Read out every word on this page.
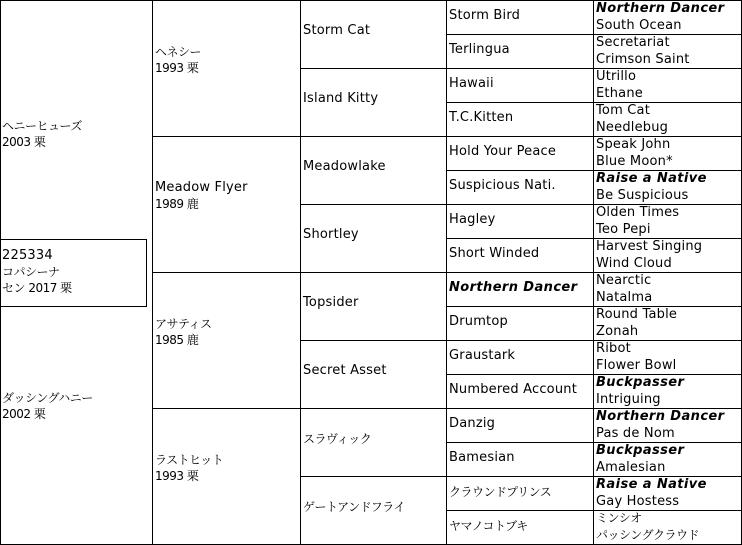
ヘニーヒューズ
2003 栗
ダッシングハニー
2002 栗
225334
コパシーナ
セン 2017 栗
ヘネシー
1993 栗
Meadow Flyer
1989 鹿
アサティス
1985 鹿
ラストヒット
1993 栗
Storm Cat
Island Kitty
Meadowlake
Shortley
Topsider
Secret Asset
スラヴィック
ゲートアンドフライ
Storm Bird
Terlingua
Hawaii
T.C.Kitten
Hold Your Peace
Suspicious Nati.
Hagley
Short Winded
Northern Dancer
Drumtop
Graustark
Numbered Account
Danzig
Bamesian
クラウンドプリンス
ヤマノコトブキ
Northern Dancer
South Ocean
Secretariat
Crimson Saint
Utrillo
Ethane
Tom Cat
Needlebug
Speak John
Blue Moon*
Raise a Native
Be Suspicious
Olden Times
Teo Pepi
Harvest Singing
Wind Cloud
Nearctic
Natalma
Round Table
Zonah
Ribot
Flower Bowl
Buckpasser
Intriguing
Northern Dancer
Pas de Nom
Buckpasser
Amalesian
Raise a Native
Gay Hostess
ミンシオ
パッシングクラウド
